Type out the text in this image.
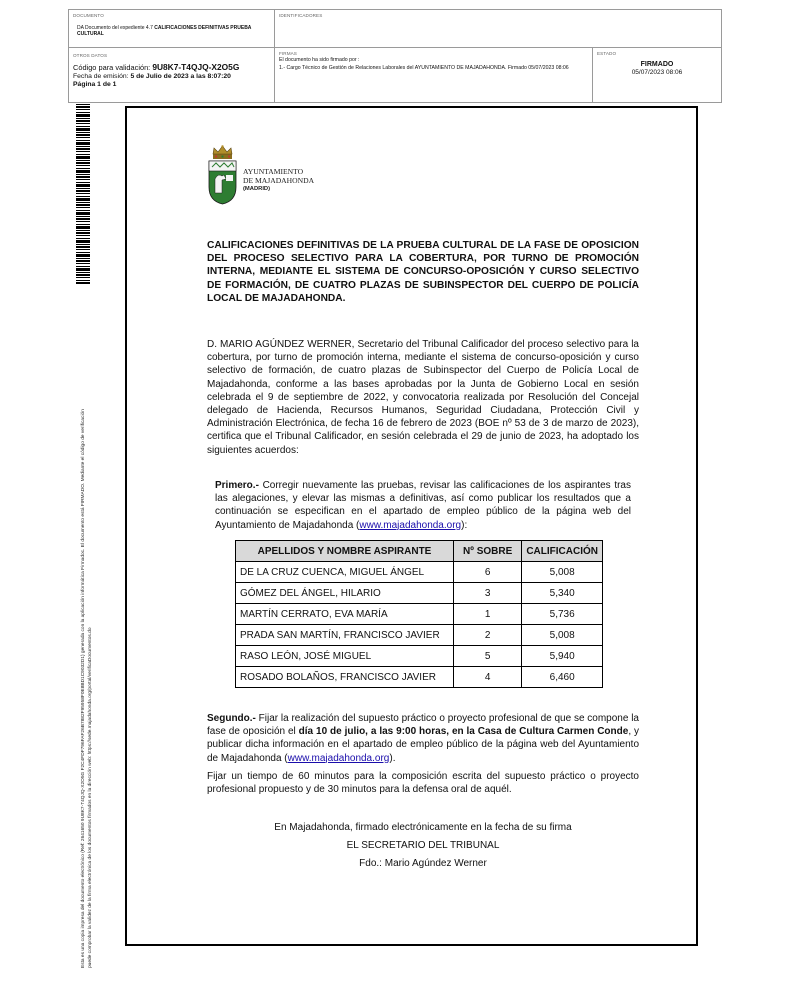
DOCUMENTO
DA Documento del expediente 4.7 CALIFICACIONES DEFINITIVAS PRUEBA CULTURAL
IDENTIFICADORES
OTROS DATOS
Código para validación: 9U8K7-T4QJQ-X2O5G
Fecha de emisión: 5 de Julio de 2023 a las 8:07:20
Página 1 de 1
FIRMAS
El documento ha sido firmado por :
1.- Cargo Técnico de Gestión de Relaciones Laborales del AYUNTAMIENTO DE MAJADAHONDA. Firmado 05/07/2023 08:06
ESTADO
FIRMADO
05/07/2023 08:06
Esta es una copia impresa del documento electrónico (Ref: 2641650 9U8K7-T4QJQ-X2O5G F2C4FDF796FAF26B7882F95958F0E8BD1C9032D1) generada con la aplicación informática Firmadoc. El documento está FIRMADO. Mediante el código de verificación puede comprobar la validez de la firma electrónica de los documentos firmados en la dirección web: https://sede.majadahonda.org/portal/verificaDocumentos.do
AYUNTAMIENTO
DE MAJADAHONDA
(MADRID)
CALIFICACIONES DEFINITIVAS DE LA PRUEBA CULTURAL DE LA FASE DE OPOSICION DEL PROCESO SELECTIVO PARA LA COBERTURA, POR TURNO DE PROMOCIÓN INTERNA, MEDIANTE EL SISTEMA DE CONCURSO-OPOSICIÓN Y CURSO SELECTIVO DE FORMACIÓN, DE CUATRO PLAZAS DE SUBINSPECTOR DEL CUERPO DE POLICÍA LOCAL DE MAJADAHONDA.
D. MARIO AGÚNDEZ WERNER, Secretario del Tribunal Calificador del proceso selectivo para la cobertura, por turno de promoción interna, mediante el sistema de concurso-oposición y curso selectivo de formación, de cuatro plazas de Subinspector del Cuerpo de Policía Local de Majadahonda, conforme a las bases aprobadas por la Junta de Gobierno Local en sesión celebrada el 9 de septiembre de 2022, y convocatoria realizada por Resolución del Concejal delegado de Hacienda, Recursos Humanos, Seguridad Ciudadana, Protección Civil y Administración Electrónica, de fecha 16 de febrero de 2023 (BOE nº 53 de 3 de marzo de 2023), certifica que el Tribunal Calificador, en sesión celebrada el 29 de junio de 2023, ha adoptado los siguientes acuerdos:
Primero.- Corregir nuevamente las pruebas, revisar las calificaciones de los aspirantes tras las alegaciones, y elevar las mismas a definitivas, así como publicar los resultados que a continuación se especifican en el apartado de empleo público de la página web del Ayuntamiento de Majadahonda (www.majadahonda.org):
APELLIDOS Y NOMBRE ASPIRANTE	Nº SOBRE	CALIFICACIÓN
DE LA CRUZ CUENCA, MIGUEL ÁNGEL	6	5,008
GÓMEZ DEL ÁNGEL, HILARIO	3	5,340
MARTÍN CERRATO, EVA MARÍA	1	5,736
PRADA SAN MARTÍN, FRANCISCO JAVIER	2	5,008
RASO LEÓN, JOSÉ MIGUEL	5	5,940
ROSADO BOLAÑOS, FRANCISCO JAVIER	4	6,460
Segundo.- Fijar la realización del supuesto práctico o proyecto profesional de que se compone la fase de oposición el día 10 de julio, a las 9:00 horas, en la Casa de Cultura Carmen Conde, y publicar dicha información en el apartado de empleo público de la página web del Ayuntamiento de Majadahonda (www.majadahonda.org).
Fijar un tiempo de 60 minutos para la composición escrita del supuesto práctico o proyecto profesional propuesto y de 30 minutos para la defensa oral de aquél.
En Majadahonda, firmado electrónicamente en la fecha de su firma
EL SECRETARIO DEL TRIBUNAL
Fdo.: Mario Agúndez Werner
